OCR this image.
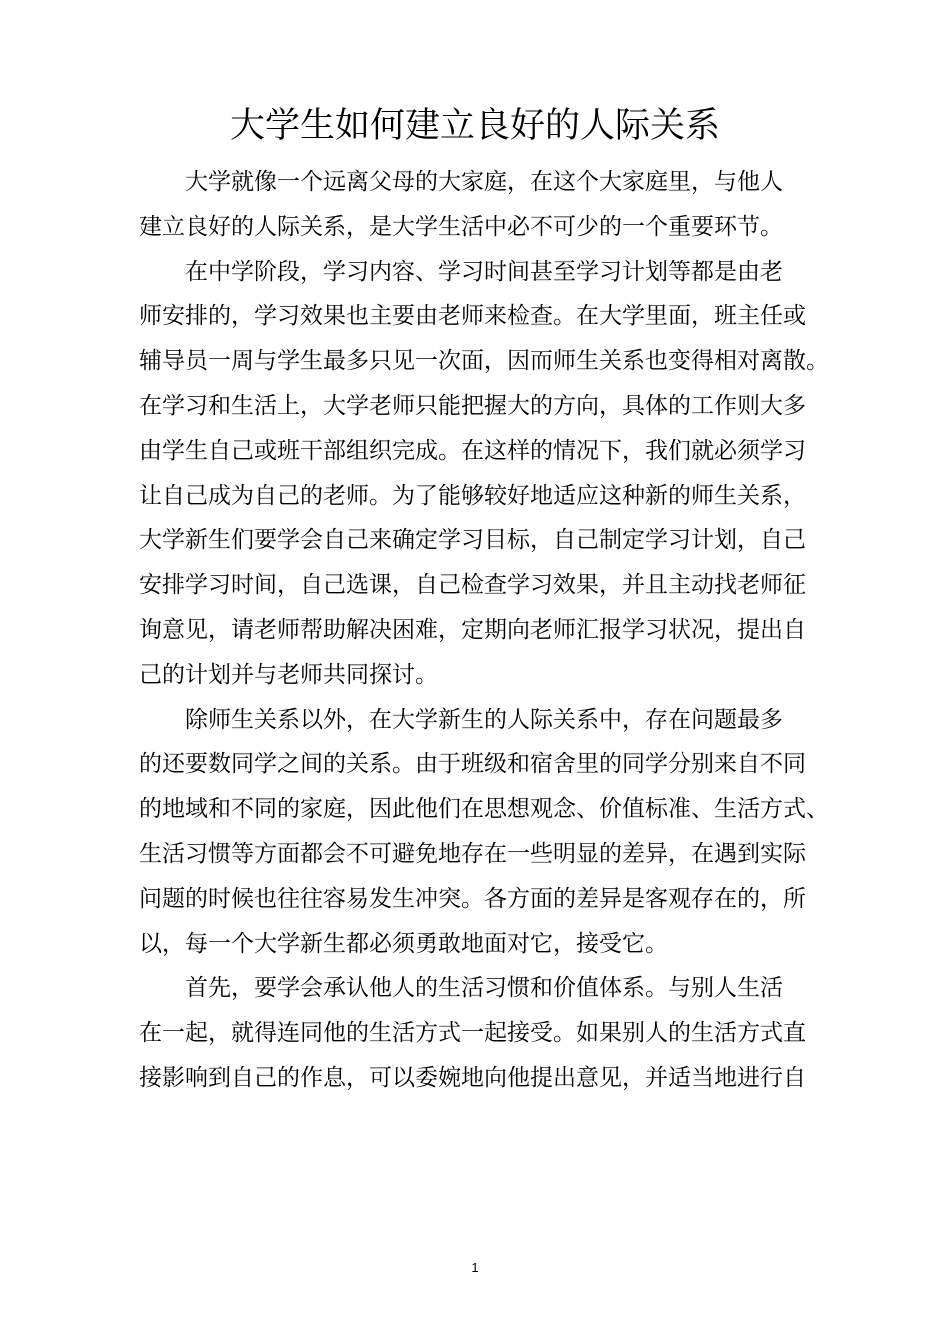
大学生如何建立良好的人际关系
大学就像一个远离父母的大家庭，在这个大家庭里，与他人
建立良好的人际关系，是大学生活中必不可少的一个重要环节。
在中学阶段，学习内容、学习时间甚至学习计划等都是由老
师安排的，学习效果也主要由老师来检查。在大学里面，班主任或
辅导员一周与学生最多只见一次面，因而师生关系也变得相对离散。
在学习和生活上，大学老师只能把握大的方向，具体的工作则大多
由学生自己或班干部组织完成。在这样的情况下，我们就必须学习
让自己成为自己的老师。为了能够较好地适应这种新的师生关系，
大学新生们要学会自己来确定学习目标，自己制定学习计划，自己
安排学习时间，自己选课，自己检查学习效果，并且主动找老师征
询意见，请老师帮助解决困难，定期向老师汇报学习状况，提出自
己的计划并与老师共同探讨。
除师生关系以外，在大学新生的人际关系中，存在问题最多
的还要数同学之间的关系。由于班级和宿舍里的同学分别来自不同
的地域和不同的家庭，因此他们在思想观念、价值标准、生活方式、
生活习惯等方面都会不可避免地存在一些明显的差异，在遇到实际
问题的时候也往往容易发生冲突。各方面的差异是客观存在的，所
以，每一个大学新生都必须勇敢地面对它，接受它。
首先，要学会承认他人的生活习惯和价值体系。与别人生活
在一起，就得连同他的生活方式一起接受。如果别人的生活方式直
接影响到自己的作息，可以委婉地向他提出意见，并适当地进行自
1
